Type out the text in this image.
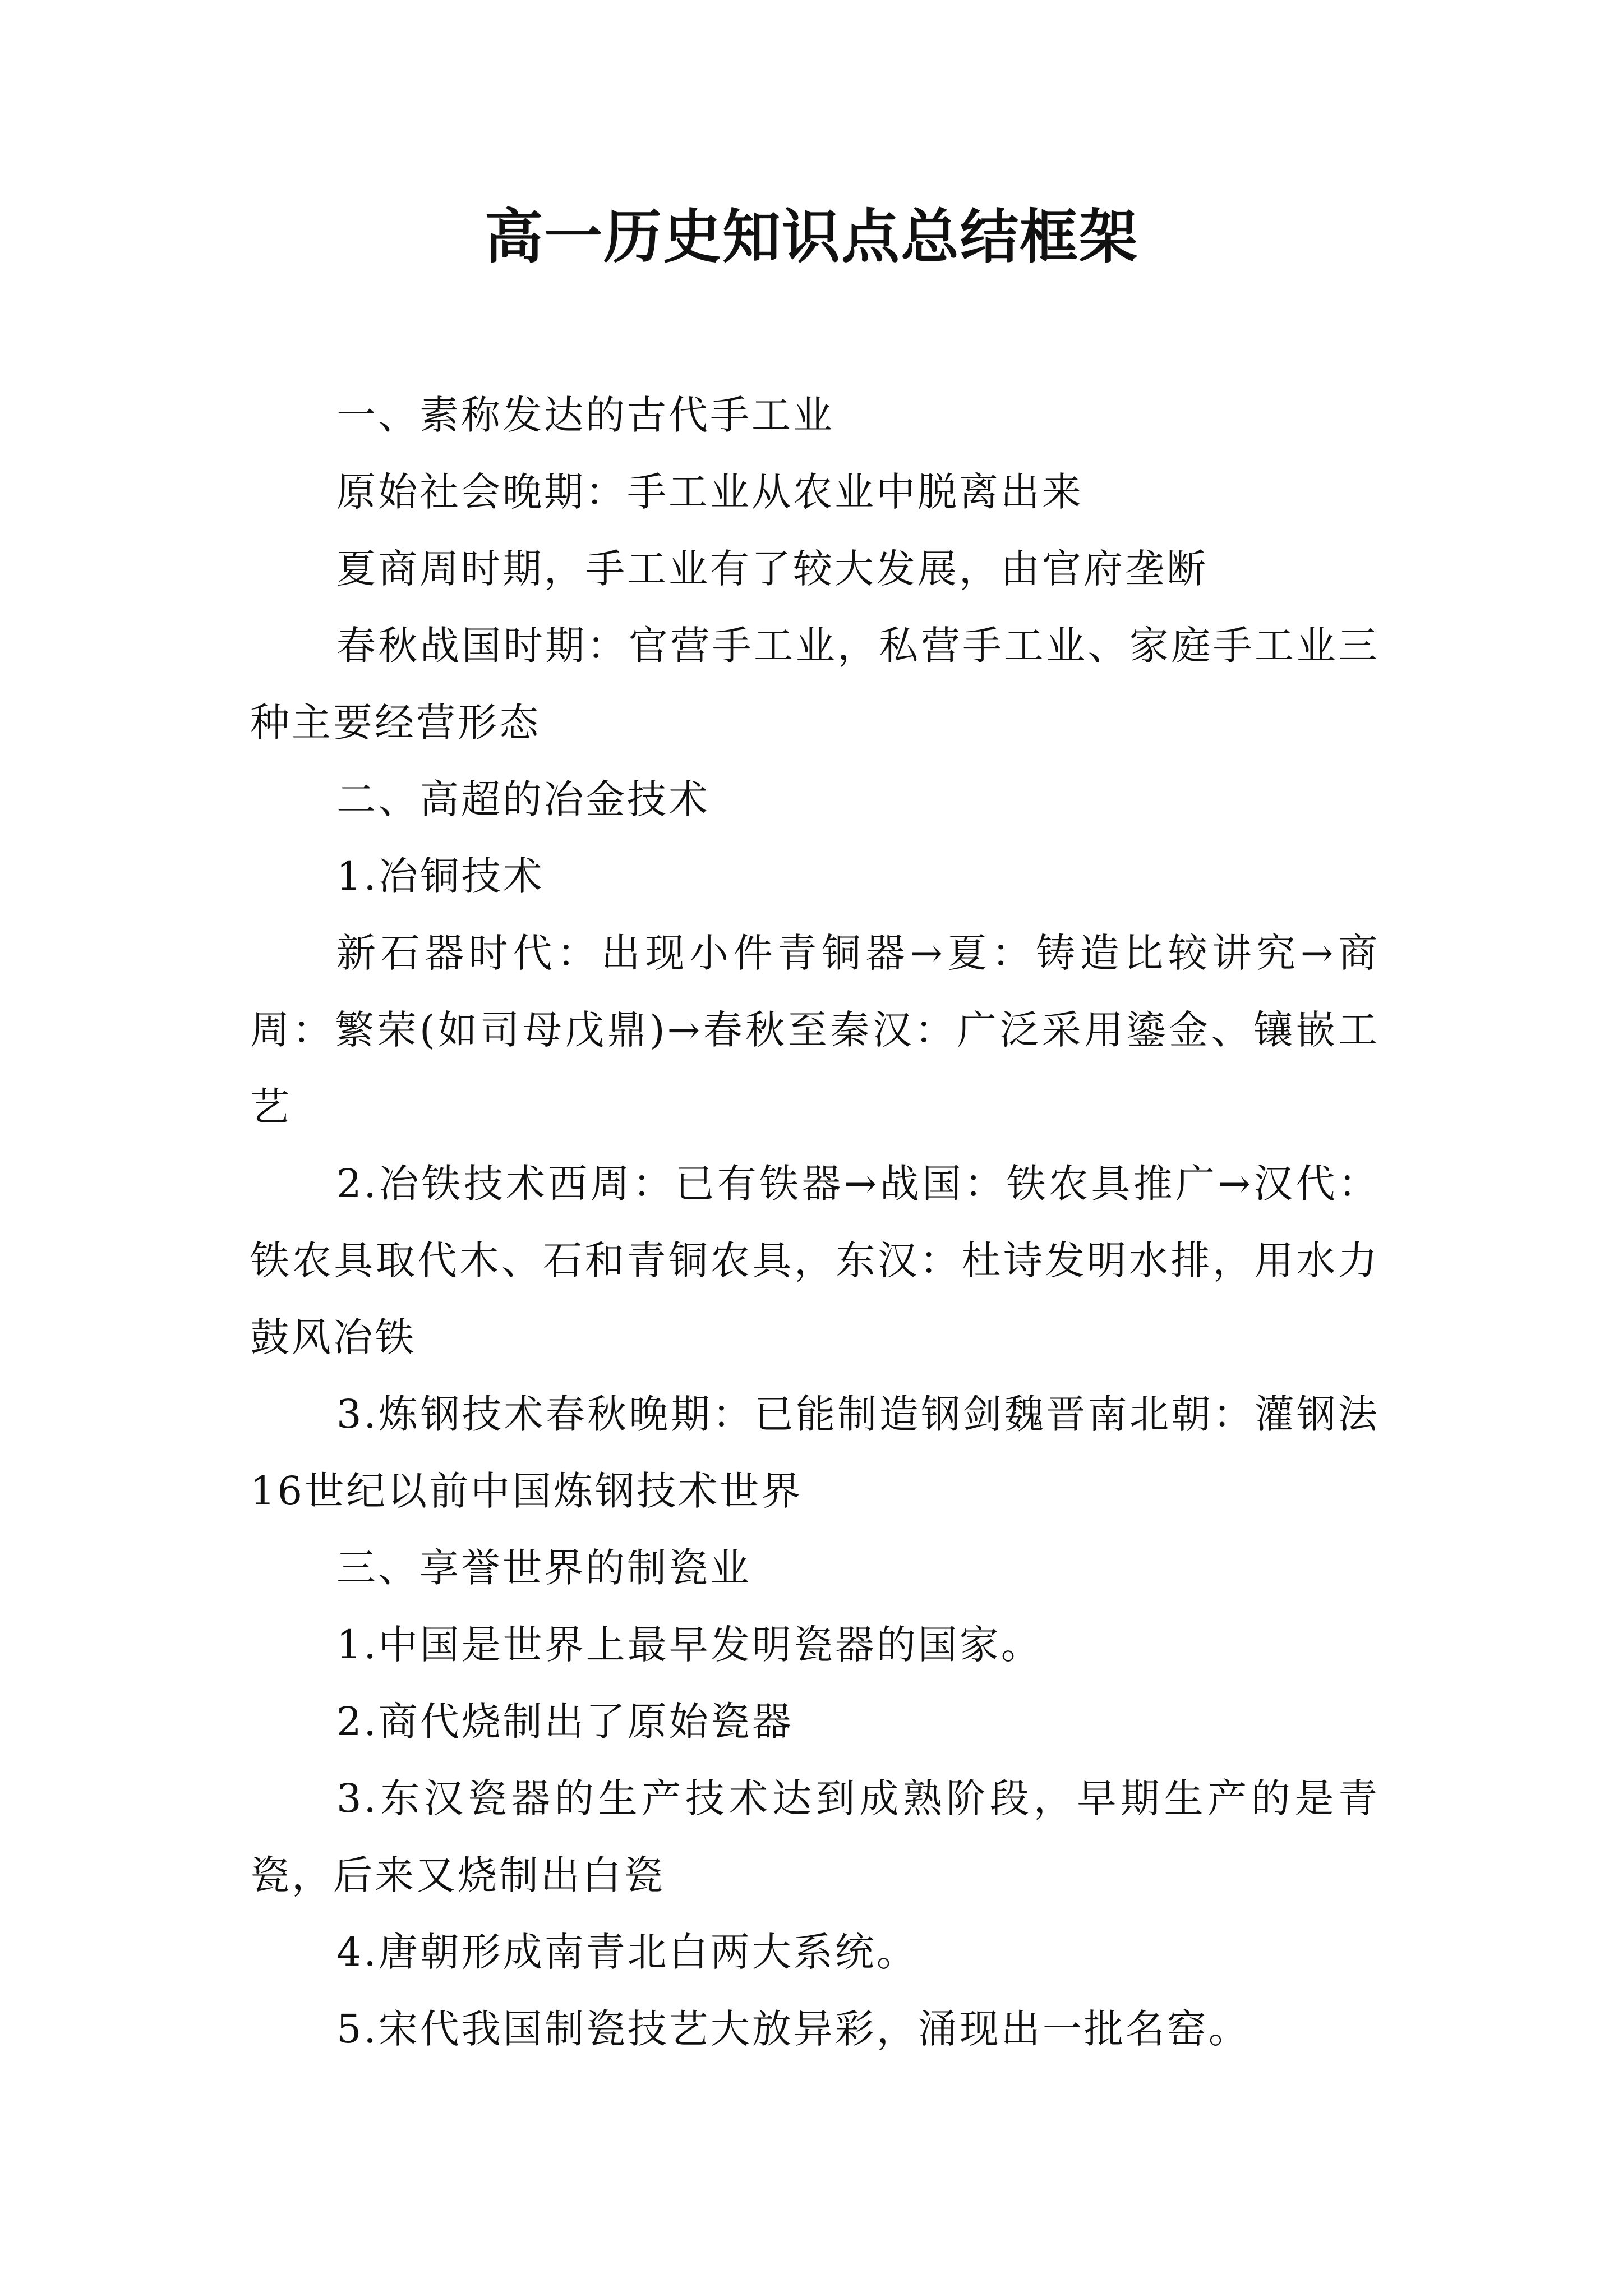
高一历史知识点总结框架

一、素称发达的古代手工业

原始社会晚期：手工业从农业中脱离出来

夏商周时期，手工业有了较大发展，由官府垄断

春秋战国时期：官营手工业，私营手工业、家庭手工业三种主要经营形态

二、高超的冶金技术

1.冶铜技术

新石器时代：出现小件青铜器→夏：铸造比较讲究→商周：繁荣(如司母戊鼎)→春秋至秦汉：广泛采用鎏金、镶嵌工艺

2.冶铁技术西周：已有铁器→战国：铁农具推广→汉代：铁农具取代木、石和青铜农具，东汉：杜诗发明水排，用水力鼓风冶铁

3.炼钢技术春秋晚期：已能制造钢剑魏晋南北朝：灌钢法16世纪以前中国炼钢技术世界

三、享誉世界的制瓷业

1.中国是世界上最早发明瓷器的国家。

2.商代烧制出了原始瓷器

3.东汉瓷器的生产技术达到成熟阶段，早期生产的是青瓷，后来又烧制出白瓷

4.唐朝形成南青北白两大系统。

5.宋代我国制瓷技艺大放异彩，涌现出一批名窑。
